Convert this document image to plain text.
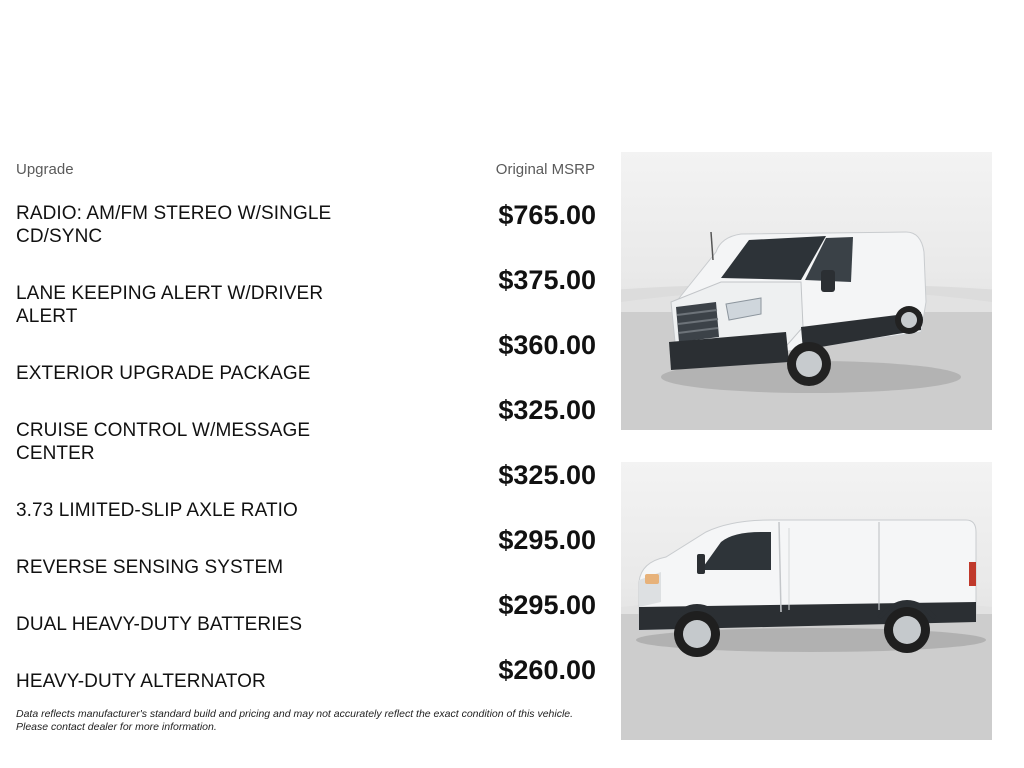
Upgrade	Original MSRP
RADIO: AM/FM STEREO W/SINGLE CD/SYNC
LANE KEEPING ALERT W/DRIVER ALERT
EXTERIOR UPGRADE PACKAGE
CRUISE CONTROL W/MESSAGE CENTER
3.73 LIMITED-SLIP AXLE RATIO
REVERSE SENSING SYSTEM
DUAL HEAVY-DUTY BATTERIES
HEAVY-DUTY ALTERNATOR
$765.00
$375.00
$360.00
$325.00
$325.00
$295.00
$295.00
$260.00
Data reflects manufacturer's standard build and pricing and may not accurately reflect the exact condition of this vehicle.
Please contact dealer for more information.
